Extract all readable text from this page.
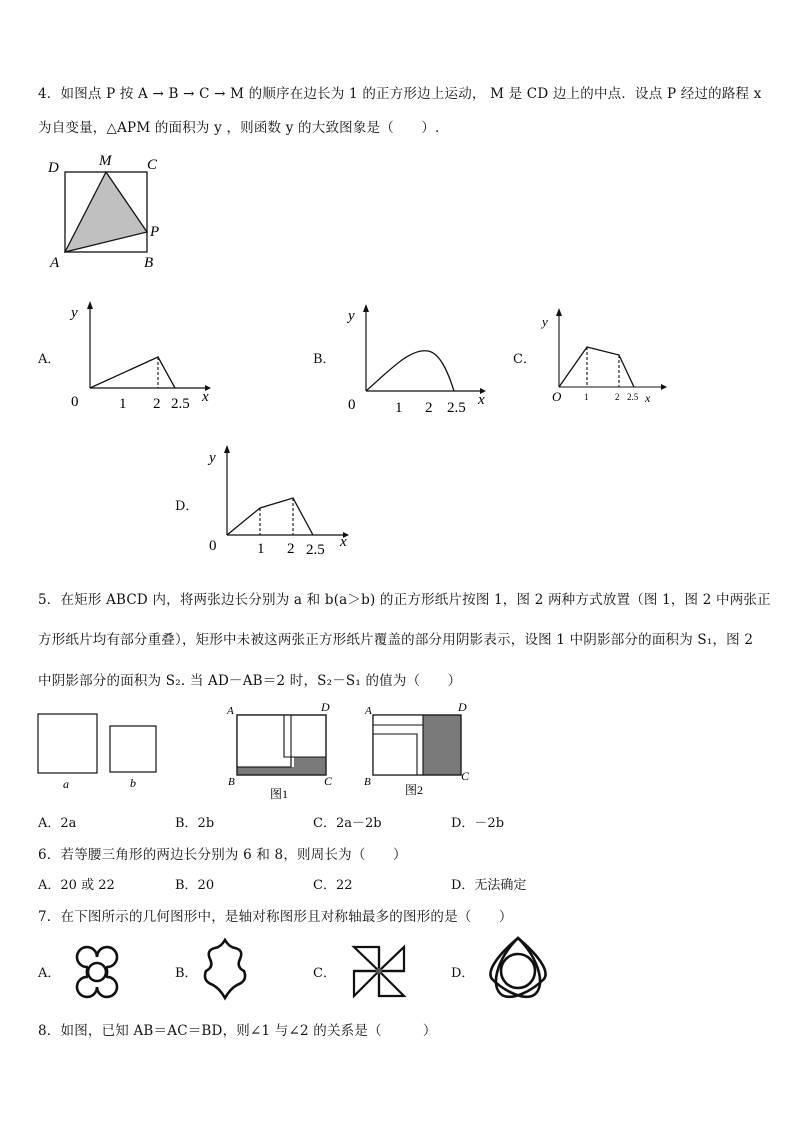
4．如图点 P 按 A → B → C → M 的顺序在边长为 1 的正方形边上运动， M 是 CD 边上的中点．设点 P 经过的路程 x
为自变量，△APM 的面积为 y ，则函数 y 的大致图象是（　　）.
D	M C
P
A	B
A．
y
0	1 2 2.5 x
B．
y
0	1 2 2.5 x
C．
y
O	1	2 2.5 x
D．
y
0	1 2 2.5 x
5．在矩形 ABCD 内，将两张边长分别为 a 和 b(a＞b) 的正方形纸片按图 1，图 2 两种方式放置（图 1，图 2 中两张正
方形纸片均有部分重叠），矩形中未被这两张正方形纸片覆盖的部分用阴影表示，设图 1 中阴影部分的面积为 S₁，图 2
中阴影部分的面积为 S₂. 当 AD－AB＝2 时，S₂－S₁ 的值为（　　）
a	b
A	D
B	C
图1
A	D
B	C
图2
A．2a	B．2b	C．2a－2b	D．－2b
6．若等腰三角形的两边长分别为 6 和 8，则周长为（　　）
A．20 或 22	B．20	C．22	D．无法确定
7．在下图所示的几何图形中，是轴对称图形且对称轴最多的图形的是（　　）
A．	B．	C．	D．
8．如图，已知 AB＝AC＝BD，则∠1 与∠2 的关系是（　　　）
